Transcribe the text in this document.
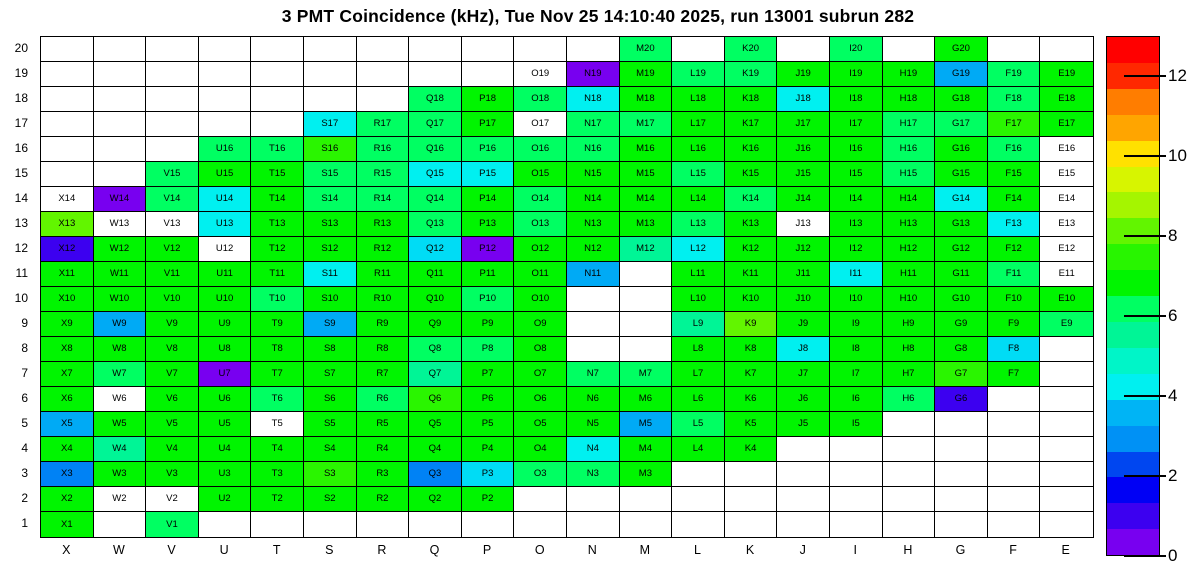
3 PMT Coincidence (kHz), Tue Nov 25 14:10:40 2025, run 13001 subrun 282
20
19
18
17
16
15
14
13
12
11
10
9
8
7
6
5
4
3
2
1
M20	K20	I20	G20
O19	N19	M19	L19	K19	J19	I19	H19	G19	F19	E19
Q18	P18	O18	N18	M18	L18	K18	J18	I18	H18	G18	F18	E18
S17	R17	Q17	P17	O17	N17	M17	L17	K17	J17	I17	H17	G17	F17	E17
U16	T16	S16	R16	Q16	P16	O16	N16	M16	L16	K16	J16	I16	H16	G16	F16	E16
V15	U15	T15	S15	R15	Q15	P15	O15	N15	M15	L15	K15	J15	I15	H15	G15	F15	E15
X14	W14	V14	U14	T14	S14	R14	Q14	P14	O14	N14	M14	L14	K14	J14	I14	H14	G14	F14	E14
X13	W13	V13	U13	T13	S13	R13	Q13	P13	O13	N13	M13	L13	K13	J13	I13	H13	G13	F13	E13
X12	W12	V12	U12	T12	S12	R12	Q12	P12	O12	N12	M12	L12	K12	J12	I12	H12	G12	F12	E12
X11	W11	V11	U11	T11	S11	R11	Q11	P11	O11	N11	L11	K11	J11	I11	H11	G11	F11	E11
X10	W10	V10	U10	T10	S10	R10	Q10	P10	O10	L10	K10	J10	I10	H10	G10	F10	E10
X9	W9	V9	U9	T9	S9	R9	Q9	P9	O9	L9	K9	J9	I9	H9	G9	F9	E9
X8	W8	V8	U8	T8	S8	R8	Q8	P8	O8	L8	K8	J8	I8	H8	G8	F8
X7	W7	V7	U7	T7	S7	R7	Q7	P7	O7	N7	M7	L7	K7	J7	I7	H7	G7	F7
X6	W6	V6	U6	T6	S6	R6	Q6	P6	O6	N6	M6	L6	K6	J6	I6	H6	G6
X5	W5	V5	U5	T5	S5	R5	Q5	P5	O5	N5	M5	L5	K5	J5	I5
X4	W4	V4	U4	T4	S4	R4	Q4	P4	O4	N4	M4	L4	K4
X3	W3	V3	U3	T3	S3	R3	Q3	P3	O3	N3	M3
X2	W2	V2	U2	T2	S2	R2	Q2	P2
X1	V1
X	W	V	U	T	S	R	Q	P	O	N	M	L	K	J	I	H	G	F	E	0
2
4
6
8
10
12
